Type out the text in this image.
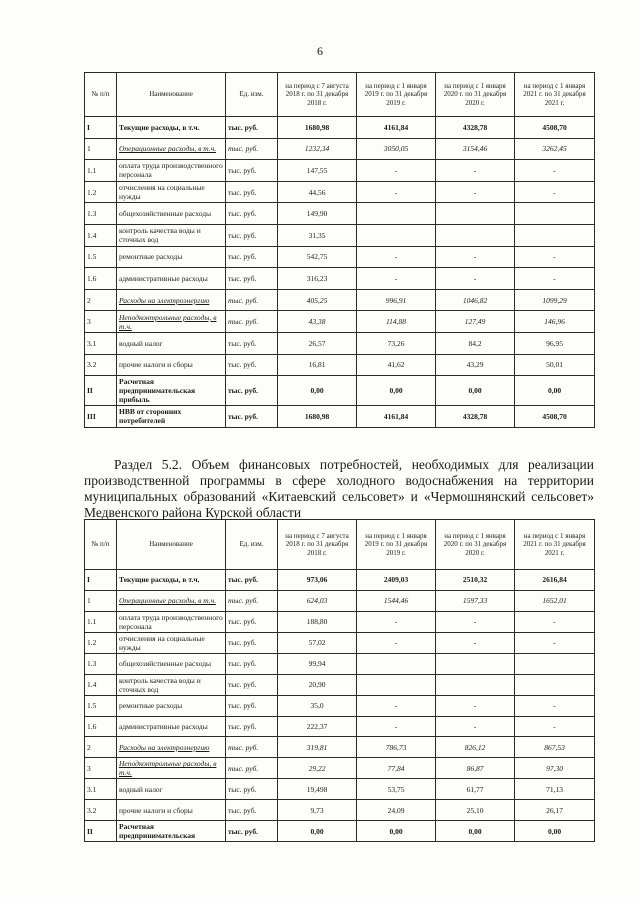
6
№ п/п	Наименование	Ед. изм.	на период с 7 августа 2018 г. по 31 декабря 2018 г.	на период с 1 января 2019 г. по 31 декабря 2019 г.	на период с 1 января 2020 г. по 31 декабря 2020 г.	на период с 1 января 2021 г. по 31 декабря 2021 г.
I	Текущие расходы, в т.ч.	тыс. руб.	1680,98	4161,84	4328,78	4508,70
1	Операционные расходы, в т.ч.	тыс. руб.	1232,34	3050,05	3154,46	3262,45
1.1	оплата труда производственного персонала	тыс. руб.	147,55	-	-	-
1.2	отчисления на социальные нужды	тыс. руб.	44,56	-	-	-
1.3	общехозяйственные расходы	тыс. руб.	149,90			
1.4	контроль качества воды и сточных вод	тыс. руб.	31,35			
1.5	ремонтные расходы	тыс. руб.	542,75	-	-	-
1.6	административные расходы	тыс. руб.	316,23	-	-	-
2	Расходы на электроэнергию	тыс. руб.	405,25	996,91	1046,82	1099,29
3	Неподконтрольные расходы, в т.ч.	тыс. руб.	43,38	114,88	127,49	146,96
3.1	водный налог	тыс. руб.	26,57	73,26	84,2	96,95
3.2	прочие налоги и сборы	тыс. руб.	16,81	41,62	43,29	50,01
II	Расчетная предпринимательская прибыль	тыс. руб.	0,00	0,00	0,00	0,00
III	НВВ от сторонних потребителей	тыс. руб.	1680,98	4161,84	4328,78	4508,70
Раздел 5.2. Объем финансовых потребностей, необходимых для реализации производственной программы в сфере холодного водоснабжения на территории муниципальных образований «Китаевский сельсовет» и «Чермошнянский сельсовет» Медвенского района Курской области
№ п/п	Наименование	Ед. изм.	на период с 7 августа 2018 г. по 31 декабря 2018 г.	на период с 1 января 2019 г. по 31 декабря 2019 г.	на период с 1 января 2020 г. по 31 декабря 2020 г.	на период с 1 января 2021 г. по 31 декабря 2021 г.
I	Текущие расходы, в т.ч.	тыс. руб.	973,06	2409,03	2510,32	2616,84
1	Операционные расходы, в т.ч.	тыс. руб.	624,03	1544,46	1597,33	1652,01
1.1	оплата труда производственного персонала	тыс. руб.	188,80	-	-	-
1.2	отчисления на социальные нужды	тыс. руб.	57,02	-	-	-
1.3	общехозяйственные расходы	тыс. руб.	99,94			
1.4	контроль качества воды и сточных вод	тыс. руб.	20,90			
1.5	ремонтные расходы	тыс. руб.	35,0	-	-	-
1.6	административные расходы	тыс. руб.	222,37	-	-	-
2	Расходы на электроэнергию	тыс. руб.	319,81	786,73	826,12	867,53
3	Неподконтрольные расходы, в т.ч.	тыс. руб.	29,22	77,84	86,87	97,30
3.1	водный налог	тыс. руб.	19,498	53,75	61,77	71,13
3.2	прочие налоги и сборы	тыс. руб.	9,73	24,09	25,10	26,17
II	Расчетная предпринимательская	тыс. руб.	0,00	0,00	0,00	0,00
